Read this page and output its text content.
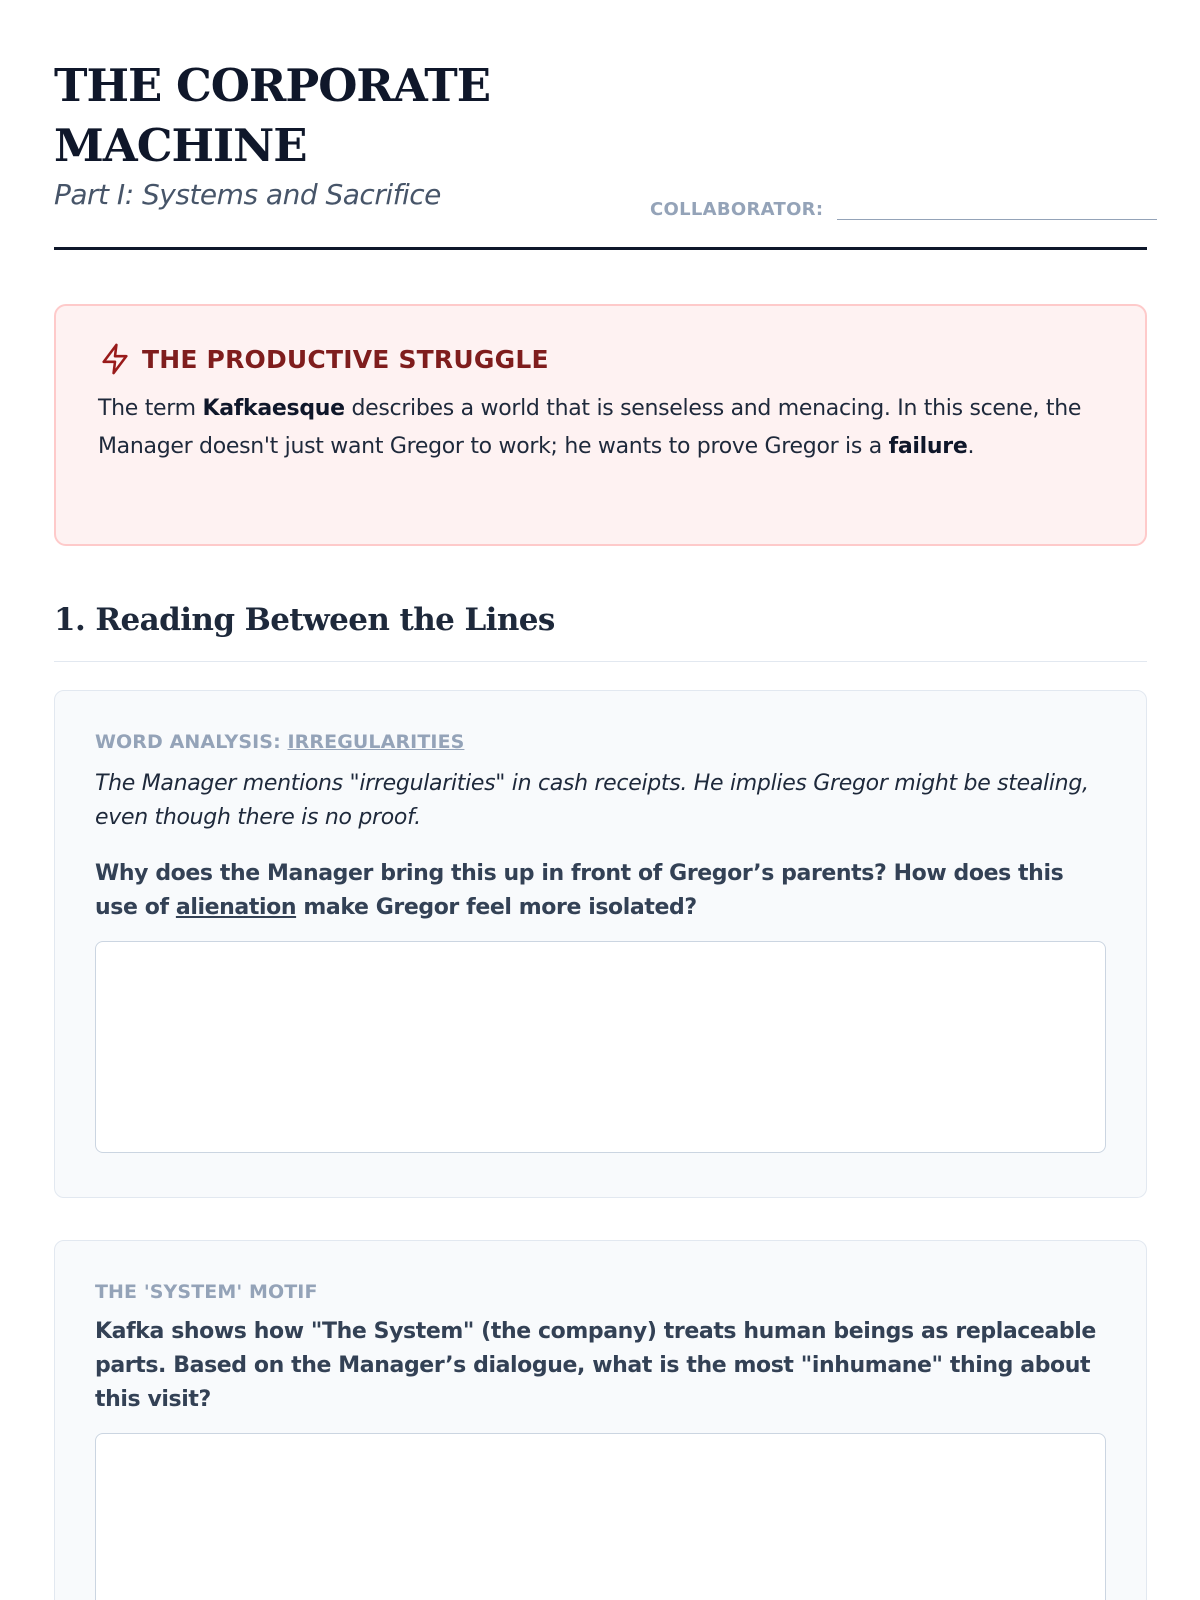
THE CORPORATE MACHINE
Part I: Systems and Sacrifice	COLLABORATOR:
THE PRODUCTIVE STRUGGLE

The term Kafkaesque describes a world that is senseless and menacing. In this scene, the Manager doesn't just want Gregor to work; he wants to prove Gregor is a failure.

1. Reading Between the Lines
WORD ANALYSIS: IRREGULARITIES

The Manager mentions "irregularities" in cash receipts. He implies Gregor might be stealing, even though there is no proof.

Why does the Manager bring this up in front of Gregor’s parents? How does this use of alienation make Gregor feel more isolated?

THE 'SYSTEM' MOTIF

Kafka shows how "The System" (the company) treats human beings as replaceable parts. Based on the Manager’s dialogue, what is the most "inhumane" thing about this visit?
